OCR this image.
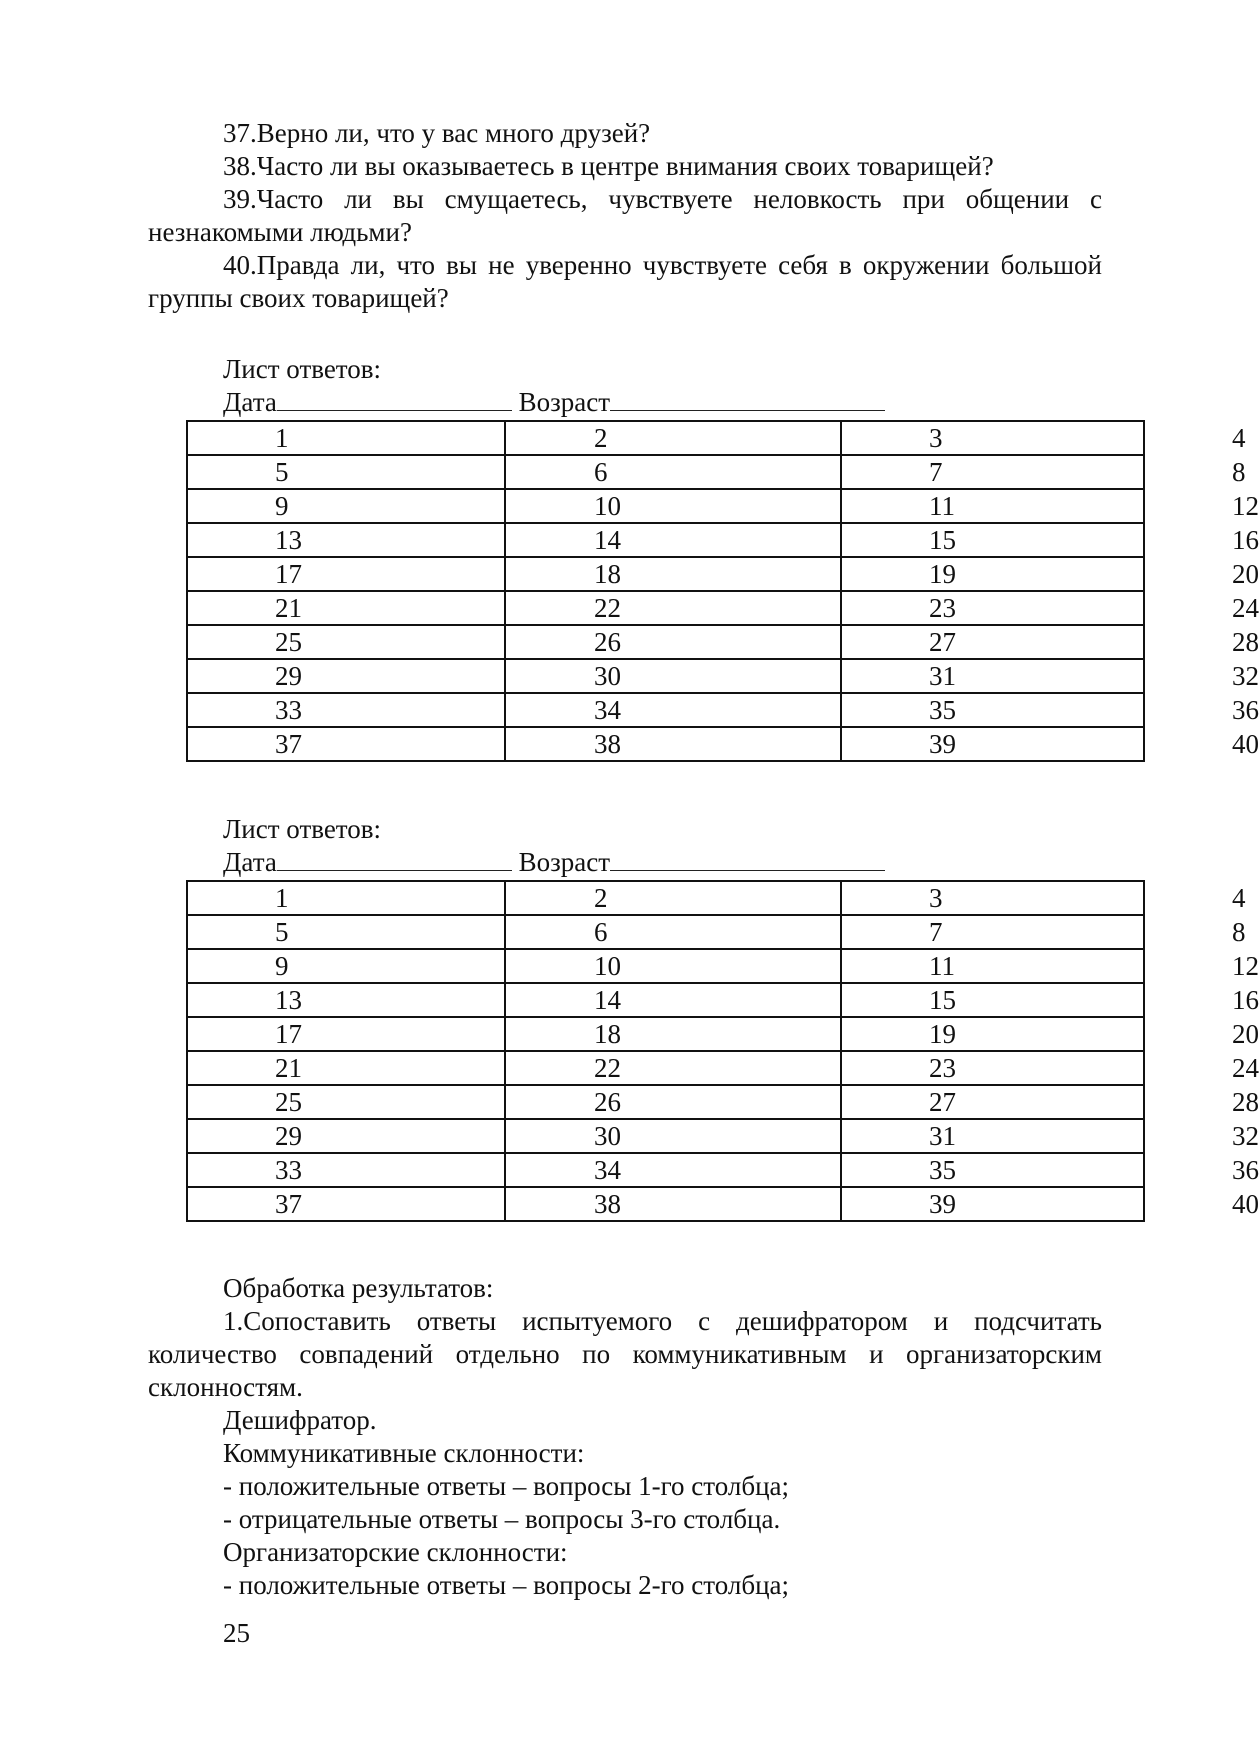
37.Верно ли, что у вас много друзей?
38.Часто ли вы оказываетесь в центре внимания своих товарищей?
39.Часто ли вы смущаетесь, чувствуете неловкость при общении с незнакомыми людьми?
40.Правда ли, что вы не уверенно чувствуете себя в окружении большой группы своих товарищей?
Лист ответов:
Дата	Возраст
1	2	3	4
5	6	7	8
9	10	11	12
13	14	15	16
17	18	19	20
21	22	23	24
25	26	27	28
29	30	31	32
33	34	35	36
37	38	39	40
Лист ответов:
Дата	Возраст
1	2	3	4
5	6	7	8
9	10	11	12
13	14	15	16
17	18	19	20
21	22	23	24
25	26	27	28
29	30	31	32
33	34	35	36
37	38	39	40
Обработка результатов:
1.Сопоставить ответы испытуемого с дешифратором и подсчитать количество совпадений отдельно по коммуникативным и организаторским склонностям.
Дешифратор.
Коммуникативные склонности:
- положительные ответы – вопросы 1-го столбца;
- отрицательные ответы – вопросы 3-го столбца.
Организаторские склонности:
- положительные ответы – вопросы 2-го столбца;
25
